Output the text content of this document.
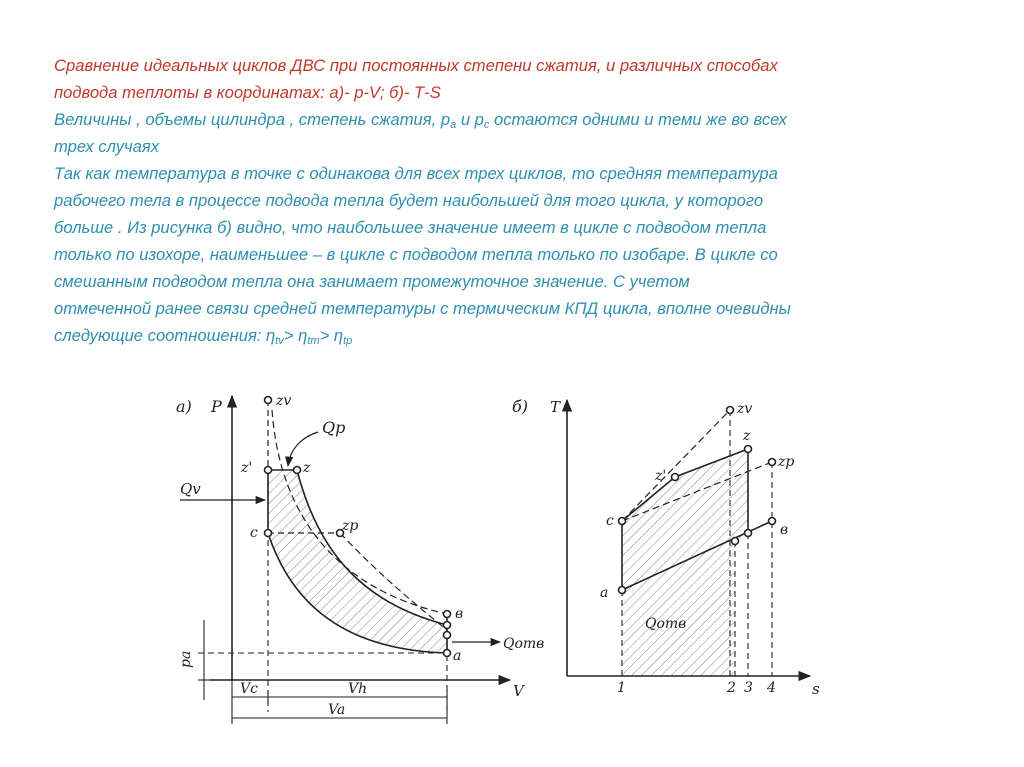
Сравнение идеальных циклов ДВС при постоянных степени сжатия, и различных способах
подвода теплоты в координатах: а)- р-V; б)- Т-S
Величины , объемы цилиндра , степень сжатия, $р_а$ и $р_с$ остаются одними и теми же во всех
трех случаях
Так как температура в точке с одинакова для всех трех циклов, то средняя температура
рабочего тела в процессе подвода тепла будет наибольшей для того цикла, у которого
больше . Из рисунка б) видно, что наибольшее значение имеет в цикле с подводом тепла
только по изохоре, наименьшее – в цикле с подводом тепла только по изобаре. В цикле со
смешанным подводом тепла она занимает промежуточное значение. С учетом
отмеченной ранее связи средней температуры с термическим КПД цикла, вполне очевидны
следующие соотношения: $\eta_{tv}> \eta_{tm}> \eta_{tp}$
а) P
V
zv
z'	z
c	zp
в
a
Qp
Qv
Qотв
pa
Vc	Vh
Va
б) T
s
zv
z
z'
zp
c
в
a
Qотв
1	2 3 4
